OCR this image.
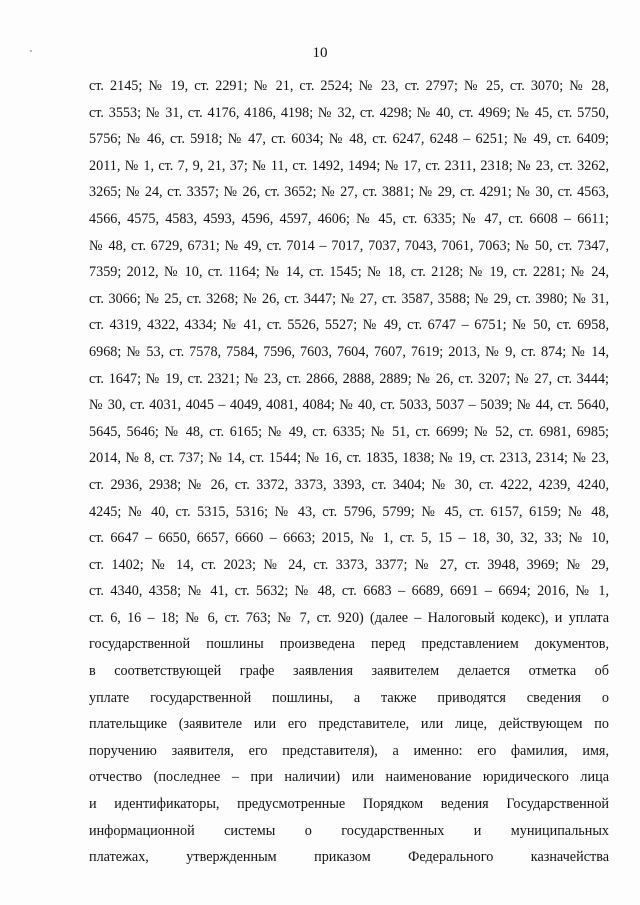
10
ст. 2145; № 19, ст. 2291; № 21, ст. 2524; № 23, ст. 2797; № 25, ст. 3070; № 28,
ст. 3553; № 31, ст. 4176, 4186, 4198; № 32, ст. 4298; № 40, ст. 4969; № 45, ст. 5750,
5756; № 46, ст. 5918; № 47, ст. 6034; № 48, ст. 6247, 6248 – 6251; № 49, ст. 6409;
2011, № 1, ст. 7, 9, 21, 37; № 11, ст. 1492, 1494; № 17, ст. 2311, 2318; № 23, ст. 3262,
3265; № 24, ст. 3357; № 26, ст. 3652; № 27, ст. 3881; № 29, ст. 4291; № 30, ст. 4563,
4566, 4575, 4583, 4593, 4596, 4597, 4606; № 45, ст. 6335; № 47, ст. 6608 – 6611;
№ 48, ст. 6729, 6731; № 49, ст. 7014 – 7017, 7037, 7043, 7061, 7063; № 50, ст. 7347,
7359; 2012, № 10, ст. 1164; № 14, ст. 1545; № 18, ст. 2128; № 19, ст. 2281; № 24,
ст. 3066; № 25, ст. 3268; № 26, ст. 3447; № 27, ст. 3587, 3588; № 29, ст. 3980; № 31,
ст. 4319, 4322, 4334; № 41, ст. 5526, 5527; № 49, ст. 6747 – 6751; № 50, ст. 6958,
6968; № 53, ст. 7578, 7584, 7596, 7603, 7604, 7607, 7619; 2013, № 9, ст. 874; № 14,
ст. 1647; № 19, ст. 2321; № 23, ст. 2866, 2888, 2889; № 26, ст. 3207; № 27, ст. 3444;
№ 30, ст. 4031, 4045 – 4049, 4081, 4084; № 40, ст. 5033, 5037 – 5039; № 44, ст. 5640,
5645, 5646; № 48, ст. 6165; № 49, ст. 6335; № 51, ст. 6699; № 52, ст. 6981, 6985;
2014, № 8, ст. 737; № 14, ст. 1544; № 16, ст. 1835, 1838; № 19, ст. 2313, 2314; № 23,
ст. 2936, 2938; № 26, ст. 3372, 3373, 3393, ст. 3404; № 30, ст. 4222, 4239, 4240,
4245; № 40, ст. 5315, 5316; № 43, ст. 5796, 5799; № 45, ст. 6157, 6159; № 48,
ст. 6647 – 6650, 6657, 6660 – 6663; 2015, № 1, ст. 5, 15 – 18, 30, 32, 33; № 10,
ст. 1402; № 14, ст. 2023; № 24, ст. 3373, 3377; № 27, ст. 3948, 3969; № 29,
ст. 4340, 4358; № 41, ст. 5632; № 48, ст. 6683 – 6689, 6691 – 6694; 2016, № 1,
ст. 6, 16 – 18; № 6, ст. 763; № 7, ст. 920) (далее – Налоговый кодекс), и уплата
государственной пошлины произведена перед представлением документов,
в соответствующей графе заявления заявителем делается отметка об
уплате государственной пошлины, а также приводятся сведения о
плательщике (заявителе или его представителе, или лице, действующем по
поручению заявителя, его представителя), а именно: его фамилия, имя,
отчество (последнее – при наличии) или наименование юридического лица
и идентификаторы, предусмотренные Порядком ведения Государственной
информационной системы о государственных и муниципальных
платежах, утвержденным приказом Федерального казначейства
